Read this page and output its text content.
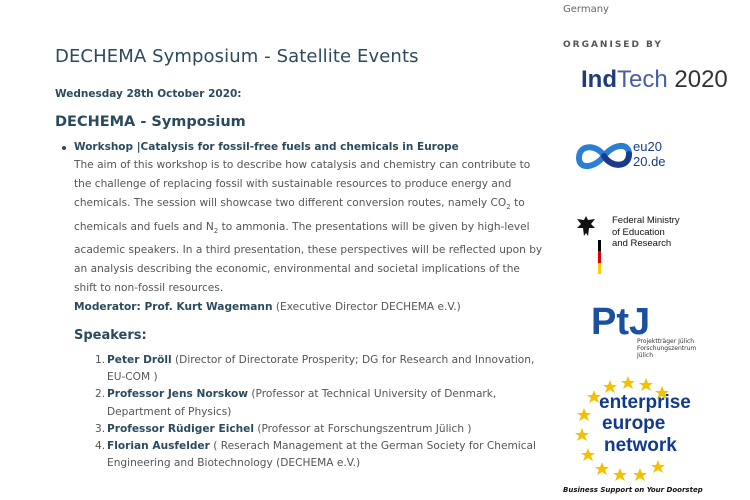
DECHEMA Symposium - Satellite Events
Wednesday 28th October 2020:
DECHEMA - Symposium
Workshop |Catalysis for fossil-free fuels and chemicals in Europe
The aim of this workshop is to describe how catalysis and chemistry can contribute to
the challenge of replacing fossil with sustainable resources to produce energy and
chemicals. The session will showcase two different conversion routes, namely $CO_2$ to
chemicals and fuels and $N_2$ to ammonia. The presentations will be given by high-level
academic speakers. In a third presentation, these perspectives will be reflected upon by
an analysis describing the economic, environmental and societal implications of the
shift to non-fossil resources.
Moderator: Prof. Kurt Wagemann (Executive Director DECHEMA e.V.)
Speakers:
1. Peter Dröll (Director of Directorate Prosperity; DG for Research and Innovation,
EU-COM )
2. Professor Jens Norskow (Professor at Technical University of Denmark,
Department of Physics)
3. Professor Rüdiger Eichel (Professor at Forschungszentrum Jülich )
4. Florian Ausfelder ( Reserach Management at the German Society for Chemical
Engineering and Biotechnology (DECHEMA e.V.)
Germany
ORGANISED BY
IndTech 2020
eu20
20.de
Federal Ministry
of Education
and Research
PtJ
Projektträger Jülich
Forschungszentrum Jülich
enterprise
europe
network
Business Support on Your Doorstep
